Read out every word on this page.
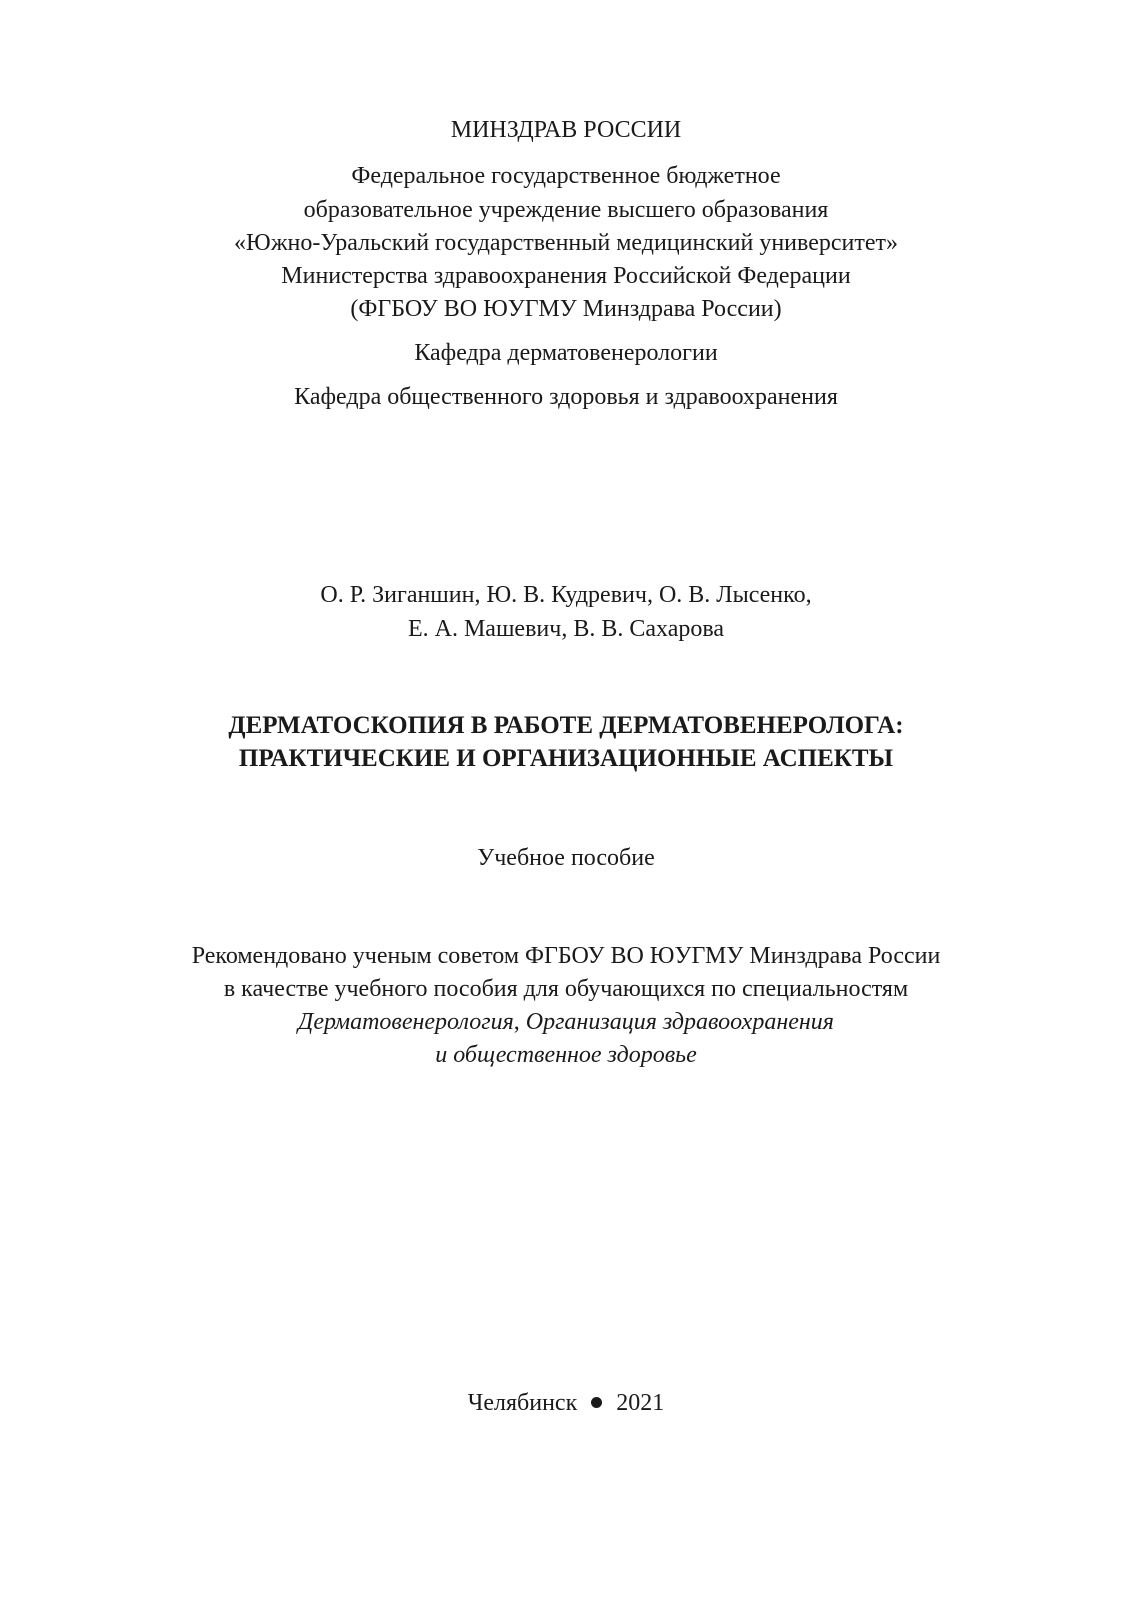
МИНЗДРАВ РОССИИ
Федеральное государственное бюджетное
образовательное учреждение высшего образования
«Южно-Уральский государственный медицинский университет»
Министерства здравоохранения Российской Федерации
(ФГБОУ ВО ЮУГМУ Минздрава России)
Кафедра дерматовенерологии
Кафедра общественного здоровья и здравоохранения
О. Р. Зиганшин, Ю. В. Кудревич, О. В. Лысенко,
Е. А. Машевич, В. В. Сахарова
ДЕРМАТОСКОПИЯ В РАБОТЕ ДЕРМАТОВЕНЕРОЛОГА:
ПРАКТИЧЕСКИЕ И ОРГАНИЗАЦИОННЫЕ АСПЕКТЫ
Учебное пособие
Рекомендовано ученым советом ФГБОУ ВО ЮУГМУ Минздрава России
в качестве учебного пособия для обучающихся по специальностям
Дерматовенерология, Организация здравоохранения
и общественное здоровье
Челябинск 2021
